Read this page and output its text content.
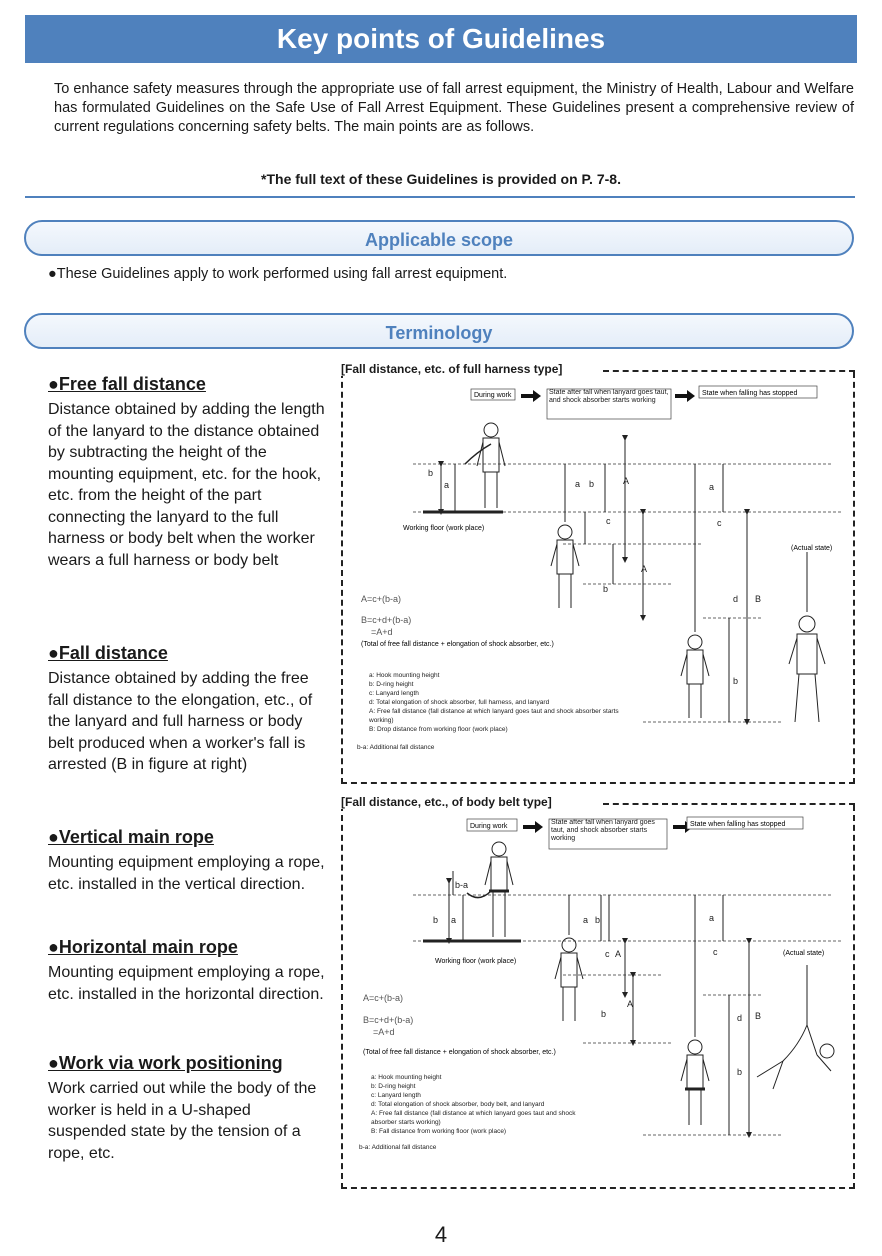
Key points of Guidelines
To enhance safety measures through the appropriate use of fall arrest equipment, the Ministry of Health, Labour and Welfare has formulated Guidelines on the Safe Use of Fall Arrest Equipment. These Guidelines present a comprehensive review of current regulations concerning safety belts. The main points are as follows.
*The full text of these Guidelines is provided on P. 7-8.
Applicable scope
●These Guidelines apply to work performed using fall arrest equipment.
Terminology
●Free fall distance

Distance obtained by adding the length of the lanyard to the distance obtained by subtracting the height of the mounting equipment, etc. for the hook, etc. from the height of the part connecting the lanyard to the full harness or body belt when the worker wears a full harness or body belt

●Fall distance

Distance obtained by adding the free fall distance to the elongation, etc., of the lanyard and full harness or body belt produced when a worker's fall is arrested (B in figure at right)

●Vertical main rope

Mounting equipment employing a rope, etc. installed in the vertical direction.

●Horizontal main rope

Mounting equipment employing a rope, etc. installed in the horizontal direction.

●Work via work positioning

Work carried out while the body of the worker is held in a U-shaped suspended state by the tension of a rope, etc.

[Fall distance, etc. of full harness type]
During work	State after fall when lanyard goes taut, and shock absorber starts working
State when falling has stopped
b
a	a b	A
c
A
b
a
c
d B
b
Working floor (work place)
(Actual state)
A=c+(b-a)
B=c+d+(b-a)
=A+d
(Total of free fall distance + elongation of shock absorber, etc.)
a: Hook mounting height
b: D-ring height
c: Lanyard length
d: Total elongation of shock absorber, full harness, and lanyard
A: Free fall distance (fall distance at which lanyard goes taut and shock absorber starts
working)
B: Drop distance from working floor (work place)
b-a: Additional fall distance
[Fall distance, etc., of body belt type]
During work
State after fall when lanyard goes taut, and shock absorber starts working
State when falling has stopped
b-a
b a	a b
c A
A
b
a
c
d B
b
Working floor (work place)
(Actual state)
A=c+(b-a)
B=c+d+(b-a)
=A+d
(Total of free fall distance + elongation of shock absorber, etc.)
a: Hook mounting height
b: D-ring height
c: Lanyard length
d: Total elongation of shock absorber, body belt, and lanyard
A: Free fall distance (fall distance at which lanyard goes taut and shock
absorber starts working)
B: Fall distance from working floor (work place)
b-a: Additional fall distance
4
